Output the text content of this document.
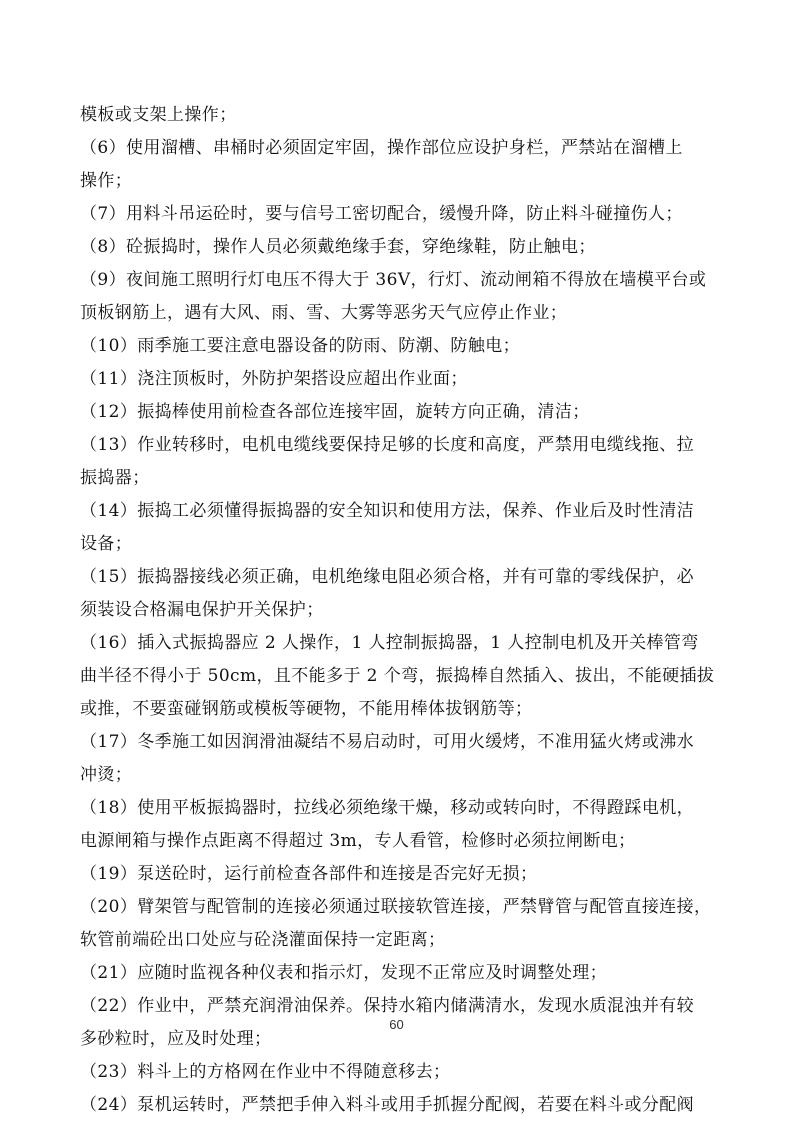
模板或支架上操作；
（6）使用溜槽、串桶时必须固定牢固，操作部位应设护身栏，严禁站在溜槽上
操作；
（7）用料斗吊运砼时，要与信号工密切配合，缓慢升降，防止料斗碰撞伤人；
（8）砼振捣时，操作人员必须戴绝缘手套，穿绝缘鞋，防止触电；
（9）夜间施工照明行灯电压不得大于 36V，行灯、流动闸箱不得放在墙模平台或
顶板钢筋上，遇有大风、雨、雪、大雾等恶劣天气应停止作业；
（10）雨季施工要注意电器设备的防雨、防潮、防触电；
（11）浇注顶板时，外防护架搭设应超出作业面；
（12）振捣棒使用前检查各部位连接牢固，旋转方向正确，清洁；
（13）作业转移时，电机电缆线要保持足够的长度和高度，严禁用电缆线拖、拉
振捣器；
（14）振捣工必须懂得振捣器的安全知识和使用方法，保养、作业后及时性清洁
设备；
（15）振捣器接线必须正确，电机绝缘电阻必须合格，并有可靠的零线保护，必
须装设合格漏电保护开关保护；
（16）插入式振捣器应 2 人操作，1 人控制振捣器，1 人控制电机及开关棒管弯
曲半径不得小于 50cm，且不能多于 2 个弯，振捣棒自然插入、拔出，不能硬插拔
或推，不要蛮碰钢筋或模板等硬物，不能用棒体拔钢筋等；
（17）冬季施工如因润滑油凝结不易启动时，可用火缓烤，不准用猛火烤或沸水
冲烫；
（18）使用平板振捣器时，拉线必须绝缘干燥，移动或转向时，不得蹬踩电机，
电源闸箱与操作点距离不得超过 3m，专人看管，检修时必须拉闸断电；
（19）泵送砼时，运行前检查各部件和连接是否完好无损；
（20）臂架管与配管制的连接必须通过联接软管连接，严禁臂管与配管直接连接，
软管前端砼出口处应与砼浇灌面保持一定距离；
（21）应随时监视各种仪表和指示灯，发现不正常应及时调整处理；
（22）作业中，严禁充润滑油保养。保持水箱内储满清水，发现水质混浊并有较
多砂粒时，应及时处理；
（23）料斗上的方格网在作业中不得随意移去；
（24）泵机运转时，严禁把手伸入料斗或用手抓握分配阀，若要在料斗或分配阀
60
